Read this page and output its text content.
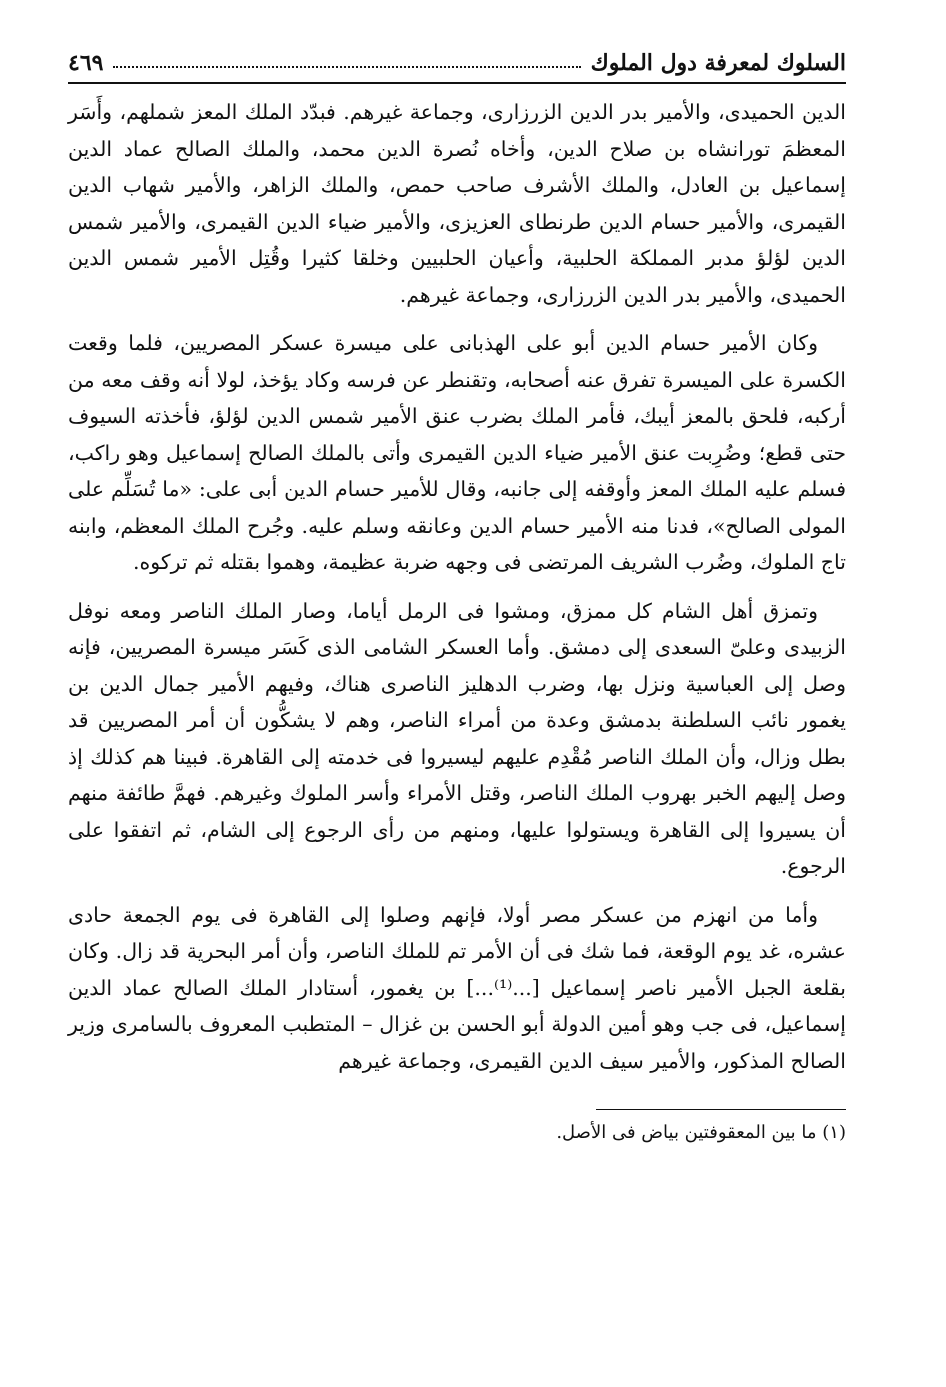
السلوك لمعرفة دول الملوك
٤٦٩

الدين الحميدى، والأمير بدر الدين الزرزارى، وجماعة غيرهم. فبدّد الملك المعز شملهم، وأَسَر المعظمَ تورانشاه بن صلاح الدين، وأخاه نُصرة الدين محمد، والملك الصالح عماد الدين إسماعيل بن العادل، والملك الأشرف صاحب حمص، والملك الزاهر، والأمير شهاب الدين القيمرى، والأمير حسام الدين طرنطاى العزيزى، والأمير ضياء الدين القيمرى، والأمير شمس الدين لؤلؤ مدبر المملكة الحلبية، وأعيان الحلبيين وخلقا كثيرا وقُتِل الأمير شمس الدين الحميدى، والأمير بدر الدين الزرزارى، وجماعة غيرهم.

وكان الأمير حسام الدين أبو على الهذبانى على ميسرة عسكر المصريين، فلما وقعت الكسرة على الميسرة تفرق عنه أصحابه، وتقنطر عن فرسه وكاد يؤخذ، لولا أنه وقف معه من أركبه، فلحق بالمعز أيبك، فأمر الملك بضرب عنق الأمير شمس الدين لؤلؤ، فأخذته السيوف حتى قطع؛ وضُرِبت عنق الأمير ضياء الدين القيمرى وأتى بالملك الصالح إسماعيل وهو راكب، فسلم عليه الملك المعز وأوقفه إلى جانبه، وقال للأمير حسام الدين أبى على: «ما تُسَلِّم على المولى الصالح»، فدنا منه الأمير حسام الدين وعانقه وسلم عليه. وجُرح الملك المعظم، وابنه تاج الملوك، وضُرب الشريف المرتضى فى وجهه ضربة عظيمة، وهموا بقتله ثم تركوه.

وتمزق أهل الشام كل ممزق، ومشوا فى الرمل أياما، وصار الملك الناصر ومعه نوفل الزبيدى وعلىّ السعدى إلى دمشق. وأما العسكر الشامى الذى كَسَر ميسرة المصريين، فإنه وصل إلى العباسية ونزل بها، وضرب الدهليز الناصرى هناك، وفيهم الأمير جمال الدين بن يغمور نائب السلطنة بدمشق وعدة من أمراء الناصر، وهم لا يشكُّون أن أمر المصريين قد بطل وزال، وأن الملك الناصر مُقْدِم عليهم ليسيروا فى خدمته إلى القاهرة. فبينا هم كذلك إذ وصل إليهم الخبر بهروب الملك الناصر، وقتل الأمراء وأسر الملوك وغيرهم. فهمَّ طائفة منهم أن يسيروا إلى القاهرة ويستولوا عليها، ومنهم من رأى الرجوع إلى الشام، ثم اتفقوا على الرجوع.

وأما من انهزم من عسكر مصر أولا، فإنهم وصلوا إلى القاهرة فى يوم الجمعة حادى عشره، غد يوم الوقعة، فما شك فى أن الأمر تم للملك الناصر، وأن أمر البحرية قد زال. وكان بقلعة الجبل الأمير ناصر إسماعيل [...⁽¹⁾...] بن يغمور، أستادار الملك الصالح عماد الدين إسماعيل، فى جب وهو أمين الدولة أبو الحسن بن غزال – المتطبب المعروف بالسامرى وزير الصالح المذكور، والأمير سيف الدين القيمرى، وجماعة غيرهم

(١) ما بين المعقوفتين بياض فى الأصل.
